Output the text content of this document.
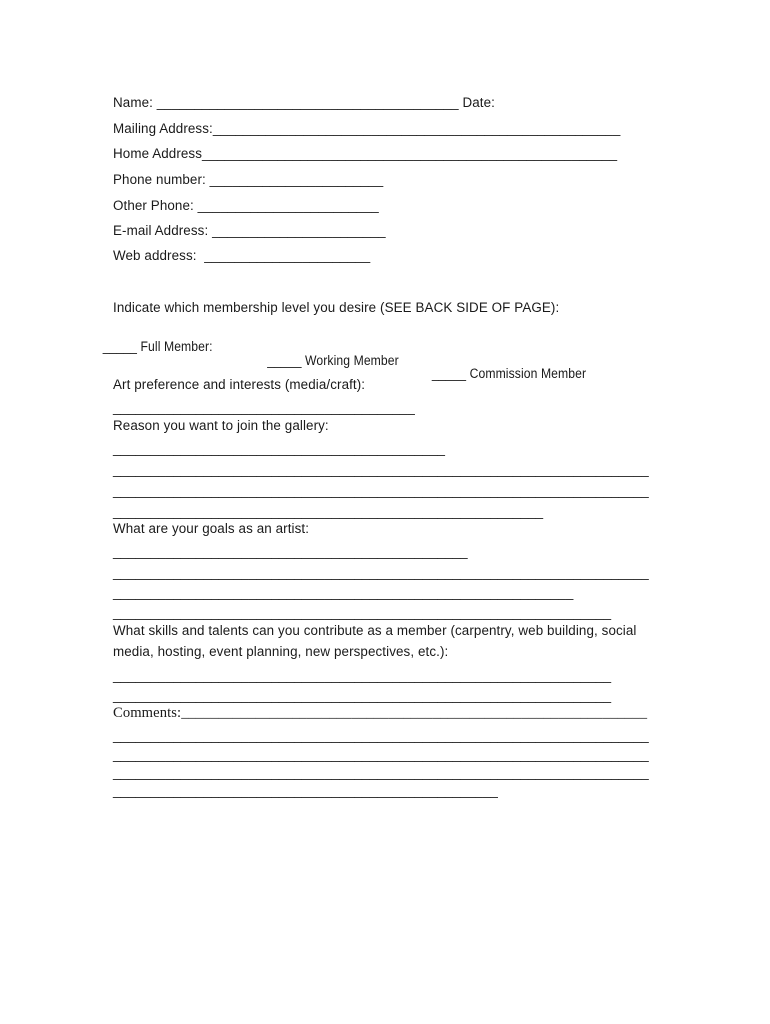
Name: ________________________________________ Date:
Mailing Address:______________________________________________________
Home Address_______________________________________________________
Phone number: _______________________
Other Phone: ________________________
E-mail Address: _______________________
Web address:  ______________________
Indicate which membership level you desire (SEE BACK SIDE OF PAGE):

_____ Full Member:

_____ Working Member

_____ Commission Member

Art preference and interests (media/craft):
________________________________________
Reason you want to join the gallery:
____________________________________________
_______________________________________________________________________
_______________________________________________________________________
_________________________________________________________
What are your goals as an artist:
_______________________________________________
_______________________________________________________________________
_____________________________________________________________
__________________________________________________________________
What skills and talents can you contribute as a member (carpentry, web building, social
media, hosting, event planning, new perspectives, etc.):
__________________________________________________________________
__________________________________________________________________
Comments:_______________________________________________________________
_______________________________________________________________________
_______________________________________________________________________
_______________________________________________________________________
___________________________________________________
